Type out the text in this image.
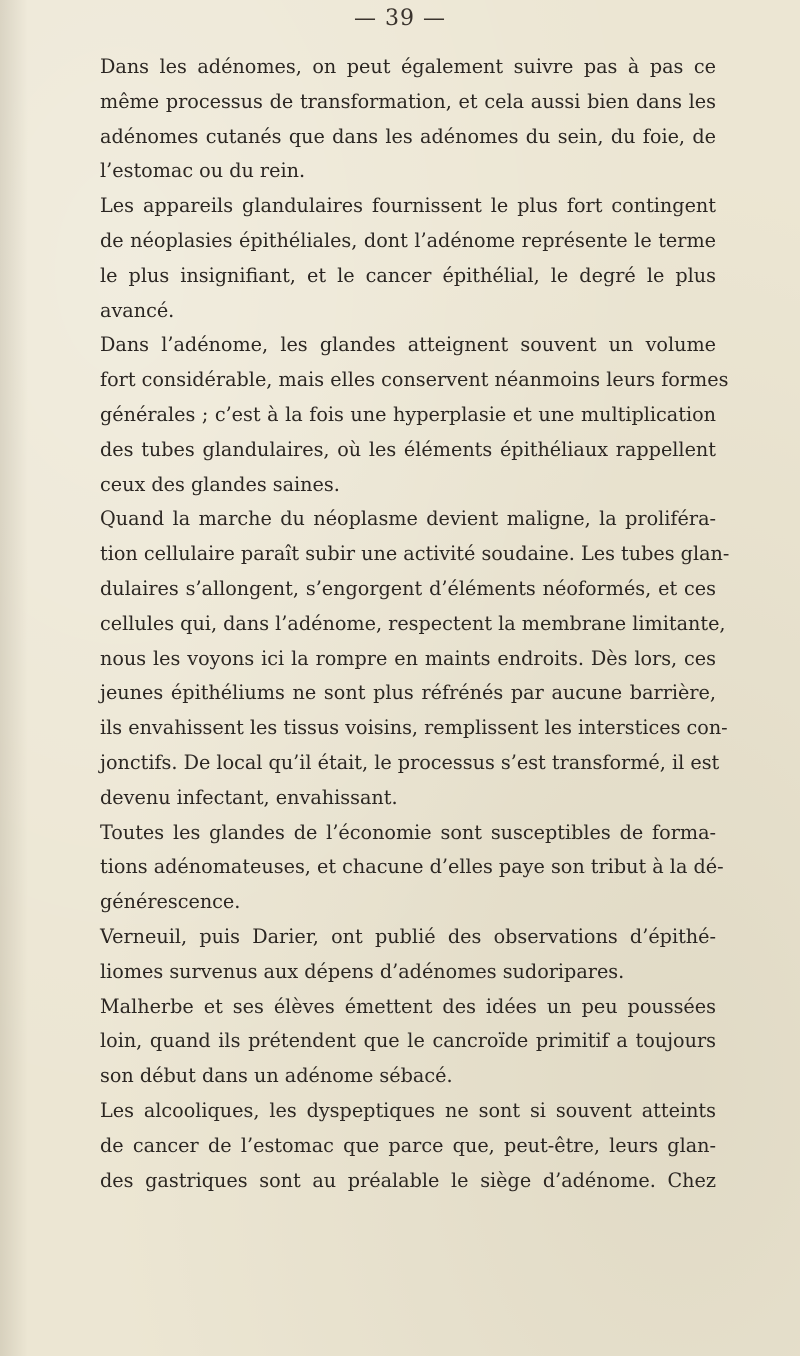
— 39 —

Dans les adénomes, on peut également suivre pas à pas ce
même processus de transformation, et cela aussi bien dans les
adénomes cutanés que dans les adénomes du sein, du foie, de
l’estomac ou du rein.

Les appareils glandulaires fournissent le plus fort contingent
de néoplasies épithéliales, dont l’adénome représente le terme
le plus insignifiant, et le cancer épithélial, le degré le plus
avancé.

Dans l’adénome, les glandes atteignent souvent un volume
fort considérable, mais elles conservent néanmoins leurs formes
générales ; c’est à la fois une hyperplasie et une multiplication
des tubes glandulaires, où les éléments épithéliaux rappellent
ceux des glandes saines.

Quand la marche du néoplasme devient maligne, la proliféra-
tion cellulaire paraît subir une activité soudaine. Les tubes glan-
dulaires s’allongent, s’engorgent d’éléments néoformés, et ces
cellules qui, dans l’adénome, respectent la membrane limitante,
nous les voyons ici la rompre en maints endroits. Dès lors, ces
jeunes épithéliums ne sont plus réfrénés par aucune barrière,
ils envahissent les tissus voisins, remplissent les interstices con-
jonctifs. De local qu’il était, le processus s’est transformé, il est
devenu infectant, envahissant.

Toutes les glandes de l’économie sont susceptibles de forma-
tions adénomateuses, et chacune d’elles paye son tribut à la dé-
générescence.

Verneuil, puis Darier, ont publié des observations d’épithé-
liomes survenus aux dépens d’adénomes sudoripares.

Malherbe et ses élèves émettent des idées un peu poussées
loin, quand ils prétendent que le cancroïde primitif a toujours
son début dans un adénome sébacé.

Les alcooliques, les dyspeptiques ne sont si souvent atteints
de cancer de l’estomac que parce que, peut-être, leurs glan-
des gastriques sont au préalable le siège d’adénome. Chez
